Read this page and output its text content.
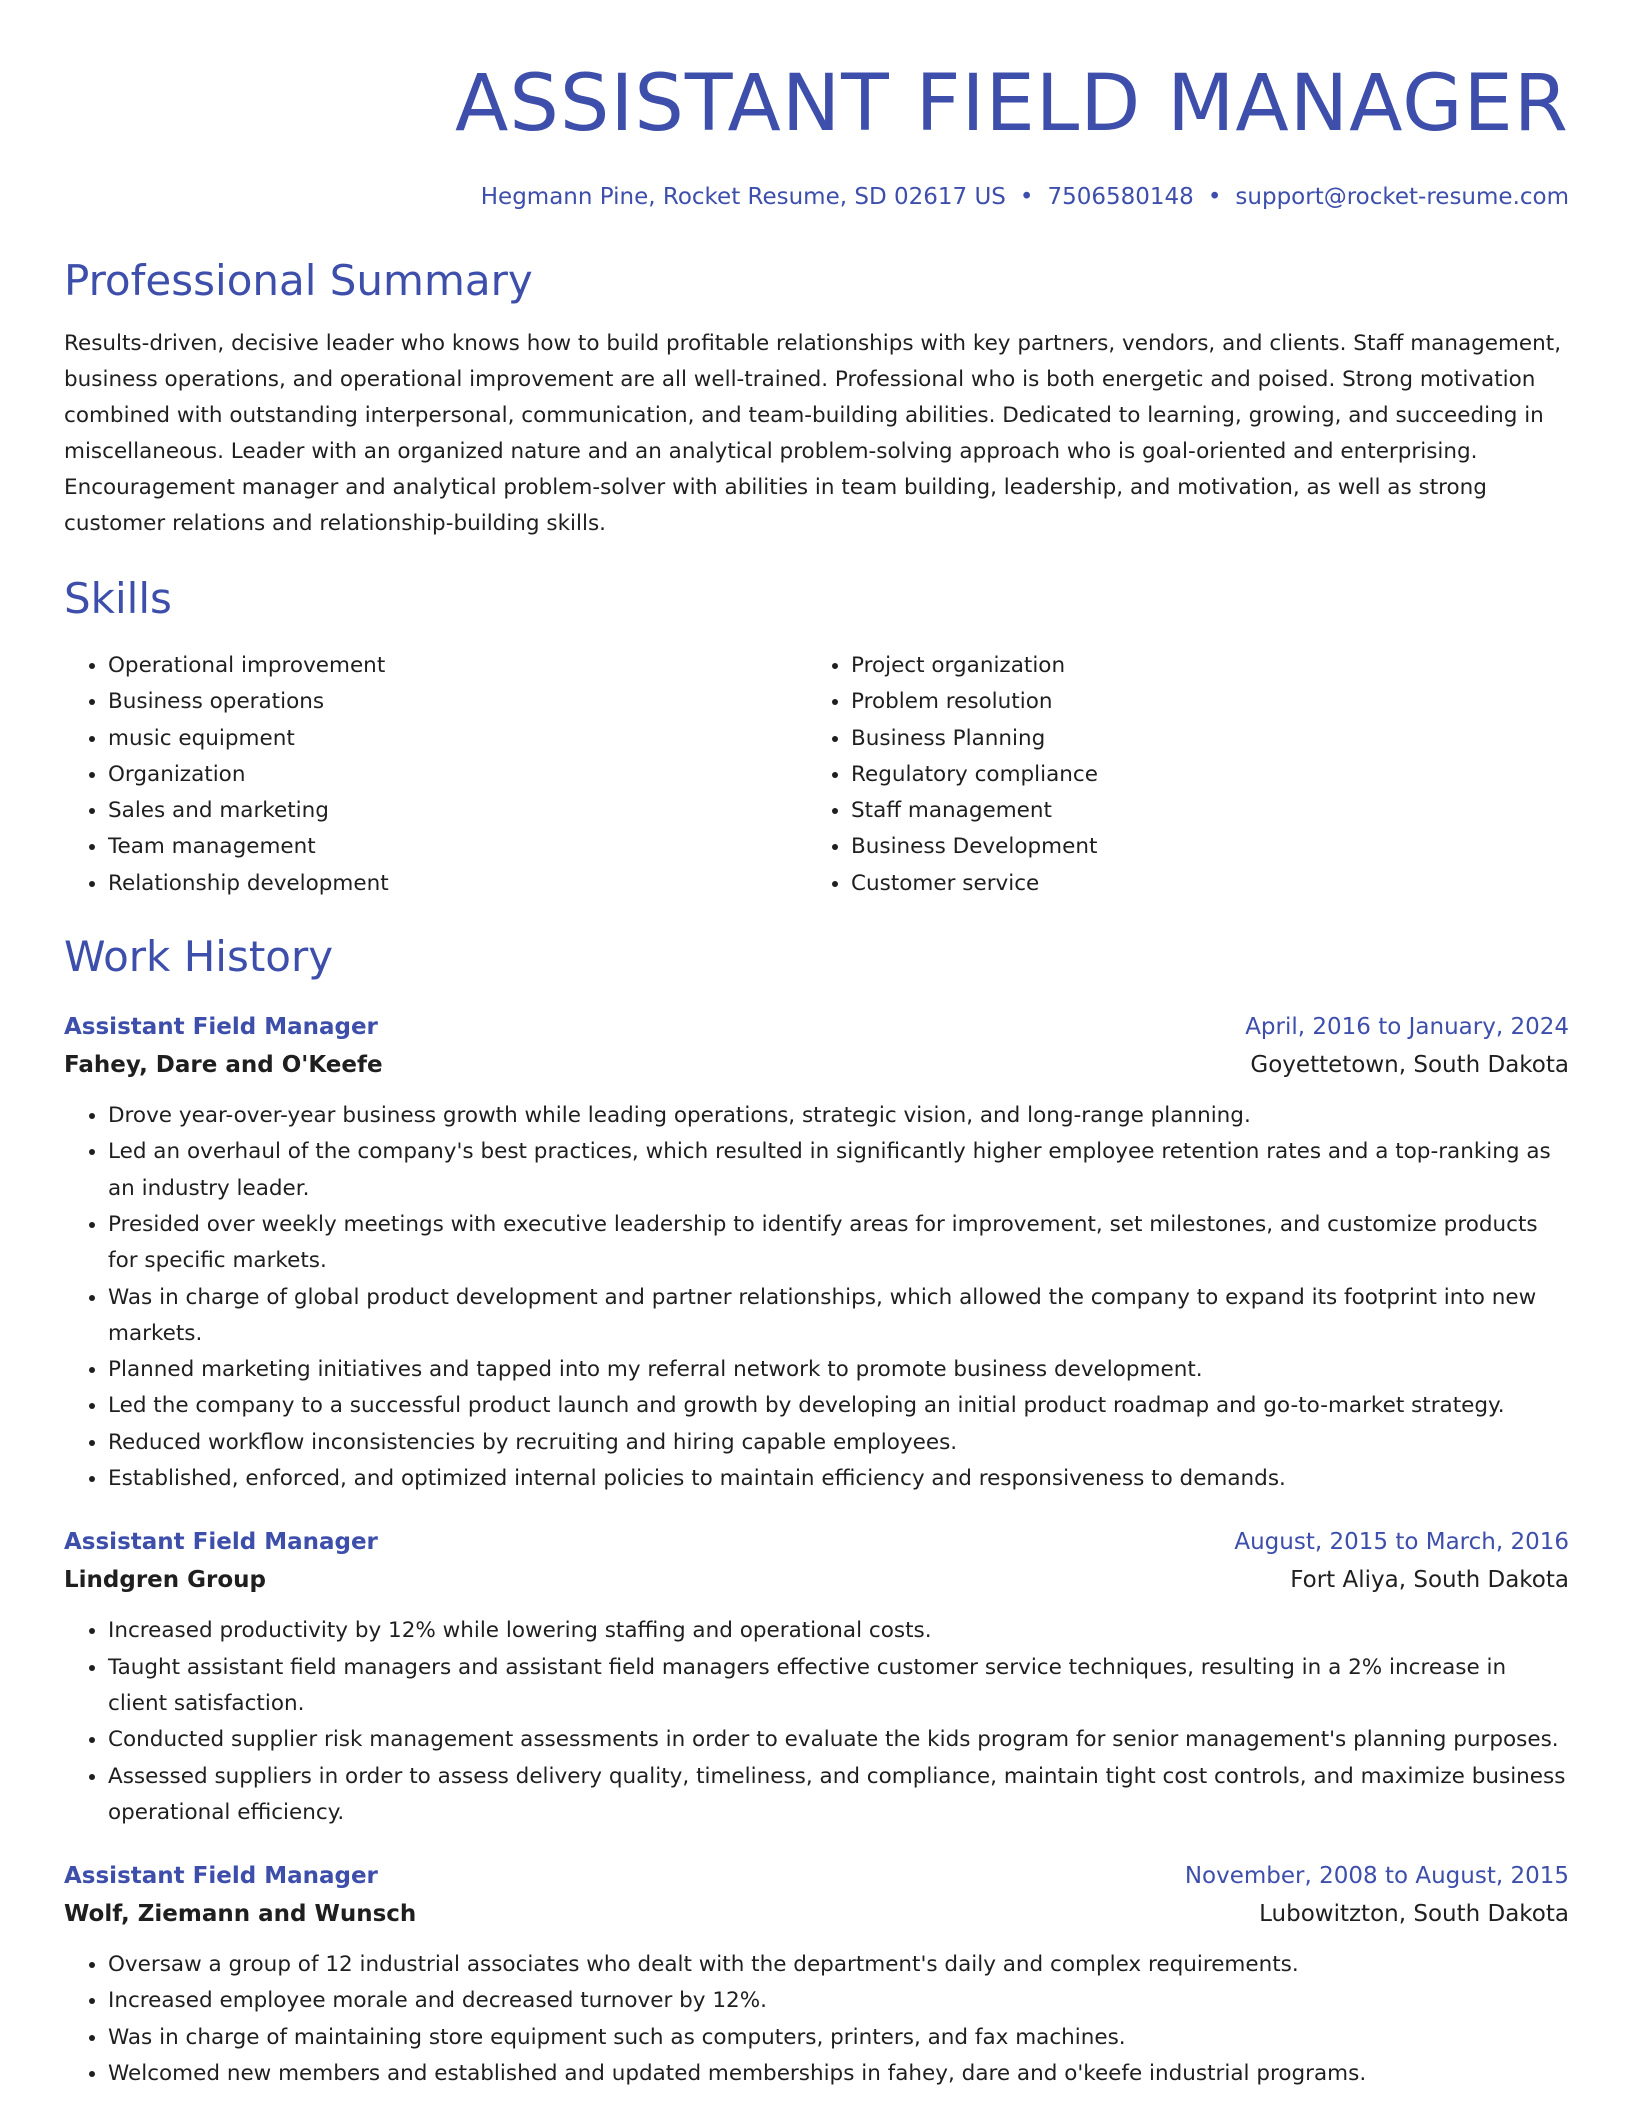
ASSISTANT FIELD MANAGER
Hegmann Pine, Rocket Resume, SD 02617 US • 7506580148 • support@rocket-resume.com
Professional Summary

Results-driven, decisive leader who knows how to build profitable relationships with key partners, vendors, and clients. Staff management, business operations, and operational improvement are all well-trained. Professional who is both energetic and poised. Strong motivation combined with outstanding interpersonal, communication, and team-building abilities. Dedicated to learning, growing, and succeeding in miscellaneous. Leader with an organized nature and an analytical problem-solving approach who is goal-oriented and enterprising. Encouragement manager and analytical problem-solver with abilities in team building, leadership, and motivation, as well as strong customer relations and relationship-building skills.

Skills
• Operational improvement
• Business operations
• music equipment
• Organization
• Sales and marketing
• Team management
• Relationship development
• Project organization
• Problem resolution
• Business Planning
• Regulatory compliance
• Staff management
• Business Development
• Customer service
Work History
Assistant Field Manager	April, 2016 to January, 2024
Fahey, Dare and O'Keefe	Goyettetown, South Dakota
• Drove year-over-year business growth while leading operations, strategic vision, and long-range planning.
• Led an overhaul of the company's best practices, which resulted in significantly higher employee retention rates and a top-ranking as an industry leader.
• Presided over weekly meetings with executive leadership to identify areas for improvement, set milestones, and customize products for specific markets.
• Was in charge of global product development and partner relationships, which allowed the company to expand its footprint into new markets.
• Planned marketing initiatives and tapped into my referral network to promote business development.
• Led the company to a successful product launch and growth by developing an initial product roadmap and go-to-market strategy.
• Reduced workflow inconsistencies by recruiting and hiring capable employees.
• Established, enforced, and optimized internal policies to maintain efficiency and responsiveness to demands.
Assistant Field Manager	August, 2015 to March, 2016
Lindgren Group	Fort Aliya, South Dakota
• Increased productivity by 12% while lowering staffing and operational costs.
• Taught assistant field managers and assistant field managers effective customer service techniques, resulting in a 2% increase in client satisfaction.
• Conducted supplier risk management assessments in order to evaluate the kids program for senior management's planning purposes.
• Assessed suppliers in order to assess delivery quality, timeliness, and compliance, maintain tight cost controls, and maximize business operational efficiency.
Assistant Field Manager	November, 2008 to August, 2015
Wolf, Ziemann and Wunsch	Lubowitzton, South Dakota
• Oversaw a group of 12 industrial associates who dealt with the department's daily and complex requirements.
• Increased employee morale and decreased turnover by 12%.
• Was in charge of maintaining store equipment such as computers, printers, and fax machines.
• Welcomed new members and established and updated memberships in fahey, dare and o'keefe industrial programs.
